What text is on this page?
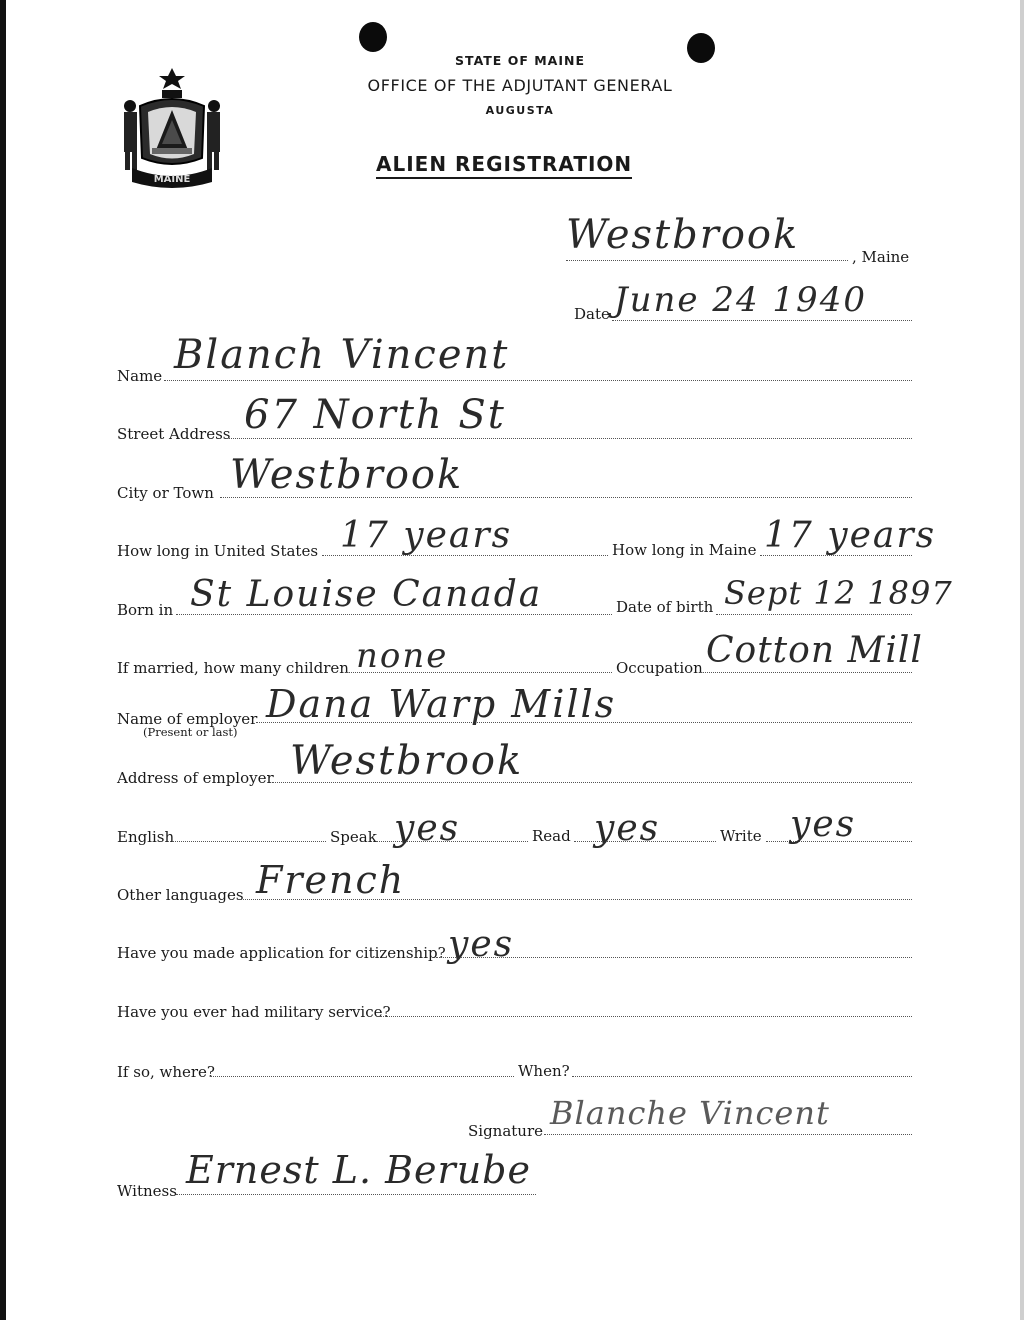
MAINE
STATE OF MAINE
OFFICE OF THE ADJUTANT GENERAL
AUGUSTA
ALIEN REGISTRATION
Westbrook	, Maine
Date June 24 1940
Name Blanch Vincent
Street Address 67 North St
City or Town Westbrook
How long in United States 17 years	How long in Maine 17 years
Born in St Louise Canada	Date of birth Sept 12 1897
If married, how many children none	Occupation Cotton Mill
Name of employer
(Present or last)
Dana Warp Mills
Address of employer Westbrook
English	Speak yes	Read yes	Write yes
Other languages French
Have you made application for citizenship? yes
Have you ever had military service?
If so, where?	When?
Signature Blanche Vincent
Witness Ernest L. Berube
